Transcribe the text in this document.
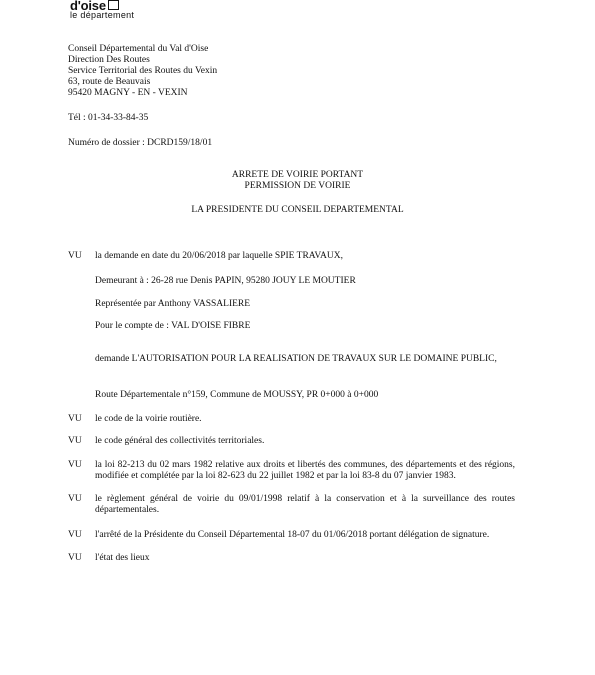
d'oise
le département
Conseil Départemental du Val d'Oise
Direction Des Routes
Service Territorial des Routes du Vexin
63, route de Beauvais
95420 MAGNY - EN - VEXIN
Tél : 01-34-33-84-35
Numéro de dossier : DCRD159/18/01
ARRETE DE VOIRIE PORTANT
PERMISSION DE VOIRIE
LA PRESIDENTE DU CONSEIL DEPARTEMENTAL
VU la demande en date du 20/06/2018 par laquelle SPIE TRAVAUX,
Demeurant à : 26-28 rue Denis PAPIN, 95280 JOUY LE MOUTIER
Représentée par Anthony VASSALIERE
Pour le compte de : VAL D'OISE FIBRE
demande L'AUTORISATION POUR LA REALISATION DE TRAVAUX SUR LE DOMAINE PUBLIC,
Route Départementale n°159, Commune de MOUSSY, PR 0+000 à 0+000
VU le code de la voirie routière.
VU le code général des collectivités territoriales.
VU la loi 82-213 du 02 mars 1982 relative aux droits et libertés des communes, des départements et des régions, modifiée et complétée par la loi 82-623 du 22 juillet 1982 et par la loi 83-8 du 07 janvier 1983.
VU le règlement général de voirie du 09/01/1998 relatif à la conservation et à la surveillance des routes départementales.
VU l'arrêté de la Présidente du Conseil Départemental 18-07 du 01/06/2018 portant délégation de signature.
VU l'état des lieux
